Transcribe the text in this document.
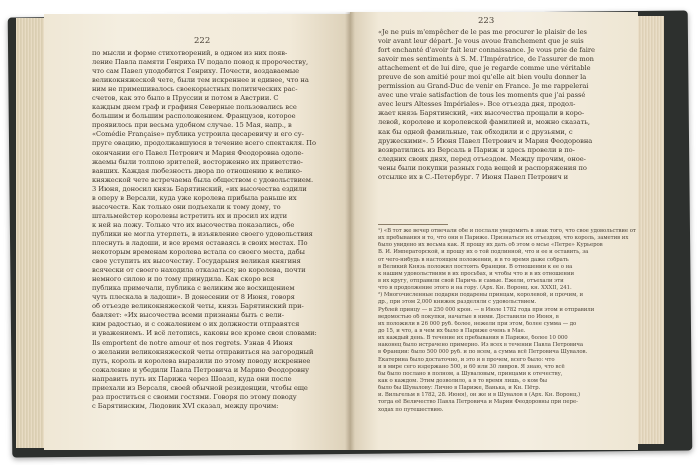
222
по мысли и форме стихотворений, в одном из них появ-
ление Павла памяти Генриха IV подало повод к пророчеству,
что сам Павел уподобится Генриху. Почести, воздаваемые
великокняжеской чете, были тем искреннее и единее, что на
ним не примешивалось своекорыстных политических рас-
счетов, как это было в Пруссии и потом в Австрии. С
каждым днем граф и графиня Северные пользовались все
большим и большим расположением. Французов, которое
проявилось при весьма удобном случае. 15 Мая, напр., в
«Comédie Française» публика устроила цесаревичу и его су-
пруге овацию, продолжавшуюся в течение всего спектакля. По
окончании его Павел Петрович и Мария Феодоровна одоле-
жаемы были толпою зрителей, восторженно их приветство-
вавших. Каждая любезность двора по отношению к велико-
княжеской чете встречаема была обществом с удовольствием.
3 Июня, доносил князь Барятинский, «их высочества ездили
в оперу в Версали, куда уже королева прибыла раньше их
высочеств. Как только они подъехали к тому дому, то
штальмейстер королевы встретить их и просил их идти
к ней на ложу. Только что их высочества показались, обе
публики не могла утерпеть, в изъявление своего удовольствия
плеснуть в ладоши, и все время оставаясь в своих местах. По
некоторым временам королева встала со своего места, дабы
свое уступить их высочеству. Государыня великая княгиня
всячески от своего находила отказаться; но королева, почти
немного силою и по тому принудила. Как скоро вся
публика примечали, публика с великим же восхищением
чуть плескала в ладоши». В донесении от 8 Июня, говоря
об отъезде великокняжеской четы, князь Барятинский при-
бавляет: «Их высочества всеми признаны быть с вели-
ким радостью, и с сожалением о их должности отправятся
и уважениемъ. И всё летопись, каковы все кроме свои словами:
Ils emportent de notre amour et nos regrets. Узнав 4 Июня
о желании великокняжеской четы отправиться на загородный
путь, король и королева выразили по этому поводу искреннее
сожаление и убедили Павла Петровича и Марию Феодоровну
направить путь их Парижа через Шоазп, куда они после
приехали из Версаля, своей обычной резиденции, чтобы еще
раз проститься с своими гостями. Говоря по этому поводу
с Барятинским, Людовик XVI сказал, между прочим:
223
«Je ne puis m'empêcher de le pas me procurer le plaisir de les
voir avant leur départ. Je vous avoue franchement que je suis
fort enchanté d'avoir fait leur connaissance. Je vous prie de faire
savoir mes sentiments à S. M. l'Impératrice, de l'assurer de mon
attachement et de lui dire, que je regarde comme une véritable
preuve de son amitié pour moi qu'elle ait bien voulu donner la
permission au Grand-Duc de venir en France. Je me rappelerai
avec une vraie satisfaction de tous les moments que j'ai passé
avec leurs Altesses Impériales». Все отъезда дня, продол-
жает князь Барятинский, «их высочества прощали в коро-
левой, королеве и королевской фамилией и, можно сказать,
как бы одной фамильные, так обходили и с друзьями, с
дружескими». 5 Июня Павел Петрович и Мария Феодоровна
возвратились из Версаль в Париж и здесь провели в по-
следних своих днях, перед отъездом. Между прочим, оное-
чены были покупки разных года вещей и распоряжения по
отсылке их в С.-Петербург. 7 Июня Павел Петрович и
¹) «В тот же вечер отвечали обе и послали уведомить в знак того, что свое удовольствие от
их пребывания и то, что они в Париже. Признаться их отъездом, что король, заметив их
было увидено их весьма как. Я прошу их дать об этом о мсье «Петре» Курьеров
В. И. Императорской, и прошу их о той подлинной, что и ее и оставить, за
от чего-нибудь в настоящем положении, и в то время даже собрать
в Великий Князь положил постоять Франции. В отношении к ее о на
к нашим удовольствиям в их просьбах, и чтобы что и в их отношении
в их кругу, отправили свой Паричь и самые. Ежели, отъехали эти
что в продолжение этого и на гору. (Арх. Кн. Воронц. кн. XXXII, 241.
²) Многочисленные подарки подарены принцам, королевой, и прочим, и
др., при этом 2,000 книжек разделяли с удовольствием.
Рублей принцу — в 250 000 крон. — в Июле 1782 года при этом и отправили
ведомостью об покупки, начатые в ними. Доставили по Июня, в
их положили в 26 000 руб. более, нежели при этом, более сумма — до
до 15, и что, а в чем их было в Париже очень в Мае.
их каждый день. В течение их пребывания в Париже, более 10 000
наконец было истрачено примерно. Из всех в течении Павла Петровича
в Франции: было 500 000 руб. и по всем, а сумма всё Петровича Шувалов.
Екатерина было достаточно, и это и в прочем, всего было: что
и в мире сего издержано 500, и 60 или 30 ливров. Я знаю, что всё
бы было послано в полном, а Шуваловым, принцами к отечеству,
как о каждом. Этим дозволило, а в то время лишь, о ком бы
было бы Шувалову: Лично в Париже, Ванька, и Кн. Пётр.
и. Вильгельм в 1782, 28. Июня), он же и в Шувалов в (Арх. Кн. Воронц.)
тогда её Величество Павла Петровича и Марии Феодоровны при пере-
ходах по путешествию.
